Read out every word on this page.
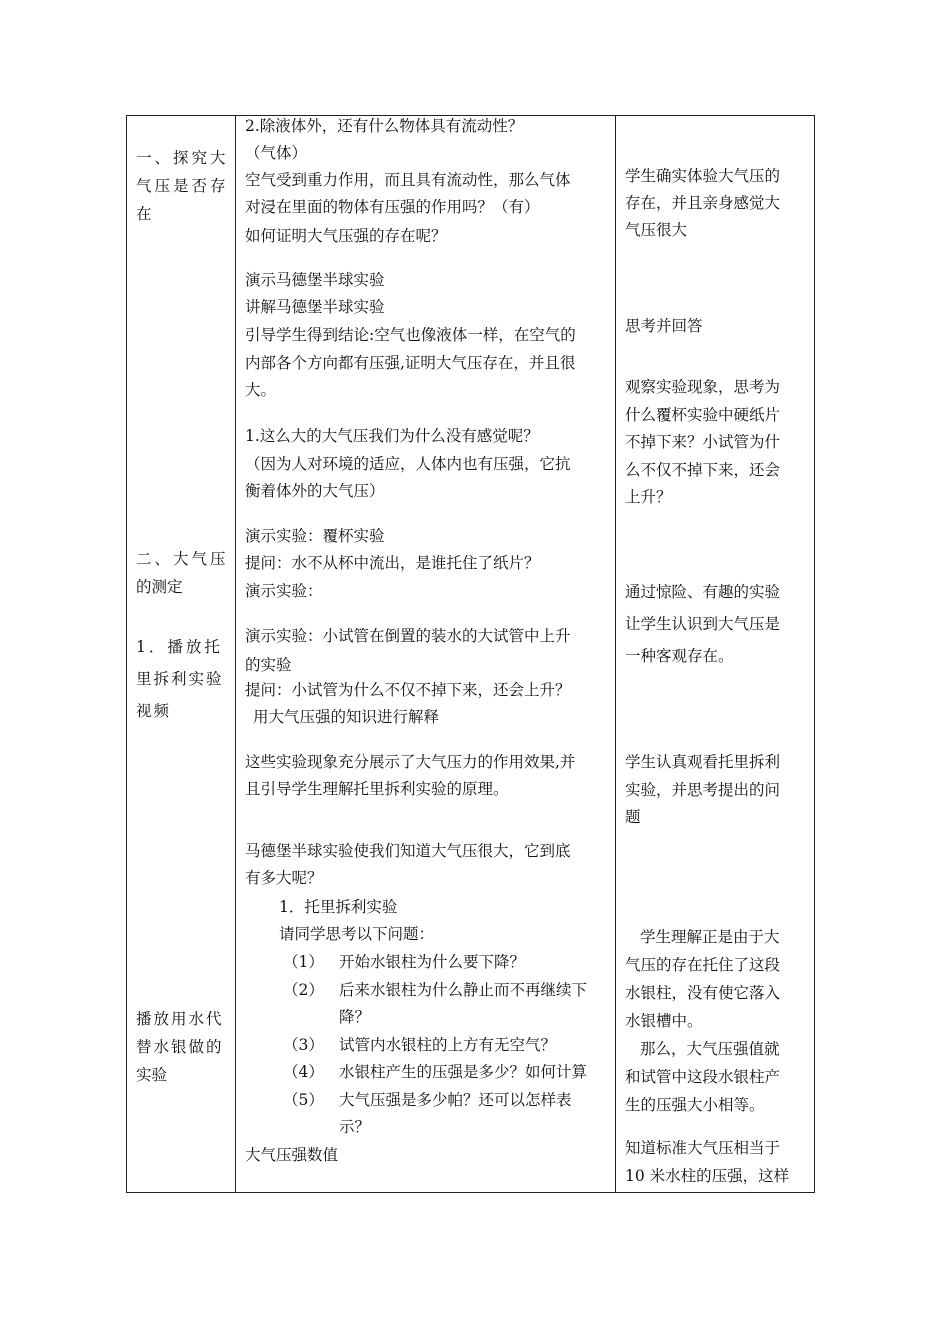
一、探究大
气压是否存
在
二、大气压
的测定
1．播放托
里拆利实验
视频
播放用水代
替水银做的
实验
2.除液体外，还有什么物体具有流动性？
（气体）
空气受到重力作用，而且具有流动性，那么气体
对浸在里面的物体有压强的作用吗？（有）
如何证明大气压强的存在呢？
演示马德堡半球实验
讲解马德堡半球实验
引导学生得到结论:空气也像液体一样，在空气的
内部各个方向都有压强,证明大气压存在，并且很
大。
1.这么大的大气压我们为什么没有感觉呢？
（因为人对环境的适应，人体内也有压强，它抗
衡着体外的大气压）
演示实验：覆杯实验
提问：水不从杯中流出，是谁托住了纸片？
演示实验：
演示实验：小试管在倒置的装水的大试管中上升
的实验
提问：小试管为什么不仅不掉下来，还会上升？
用大气压强的知识进行解释
这些实验现象充分展示了大气压力的作用效果,并
且引导学生理解托里拆利实验的原理。
马德堡半球实验使我们知道大气压很大，它到底
有多大呢？
1．托里拆利实验
请同学思考以下问题：
（1） 开始水银柱为什么要下降？
（2） 后来水银柱为什么静止而不再继续下
降？
（3） 试管内水银柱的上方有无空气？
（4） 水银柱产生的压强是多少？如何计算
（5） 大气压强是多少帕？还可以怎样表
示？
大气压强数值
学生确实体验大气压的
存在，并且亲身感觉大
气压很大
思考并回答
观察实验现象，思考为
什么覆杯实验中硬纸片
不掉下来？小试管为什
么不仅不掉下来，还会
上升？
通过惊险、有趣的实验
让学生认识到大气压是
一种客观存在。
学生认真观看托里拆利
实验，并思考提出的问
题
学生理解正是由于大
气压的存在托住了这段
水银柱，没有使它落入
水银槽中。
那么，大气压强值就
和试管中这段水银柱产
生的压强大小相等。
知道标准大气压相当于
10 米水柱的压强，这样
